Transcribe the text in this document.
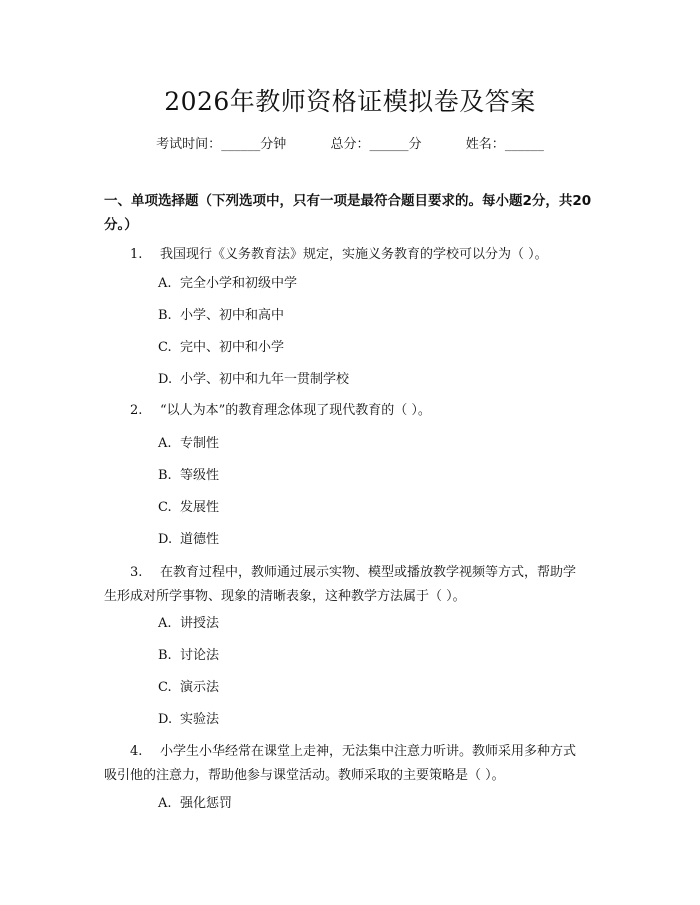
2026年教师资格证模拟卷及答案
考试时间：______分钟	总分：______分	姓名：______
一、单项选择题（下列选项中，只有一项是最符合题目要求的。每小题2分，共20分。）
1. 我国现行《义务教育法》规定，实施义务教育的学校可以分为（ ）。
A. 完全小学和初级中学
B. 小学、初中和高中
C. 完中、初中和小学
D. 小学、初中和九年一贯制学校
2. “以人为本”的教育理念体现了现代教育的（ ）。
A. 专制性
B. 等级性
C. 发展性
D. 道德性
3. 在教育过程中，教师通过展示实物、模型或播放教学视频等方式，帮助学
生形成对所学事物、现象的清晰表象，这种教学方法属于（ ）。
A. 讲授法
B. 讨论法
C. 演示法
D. 实验法
4. 小学生小华经常在课堂上走神，无法集中注意力听讲。教师采用多种方式
吸引他的注意力，帮助他参与课堂活动。教师采取的主要策略是（ ）。
A. 强化惩罚
